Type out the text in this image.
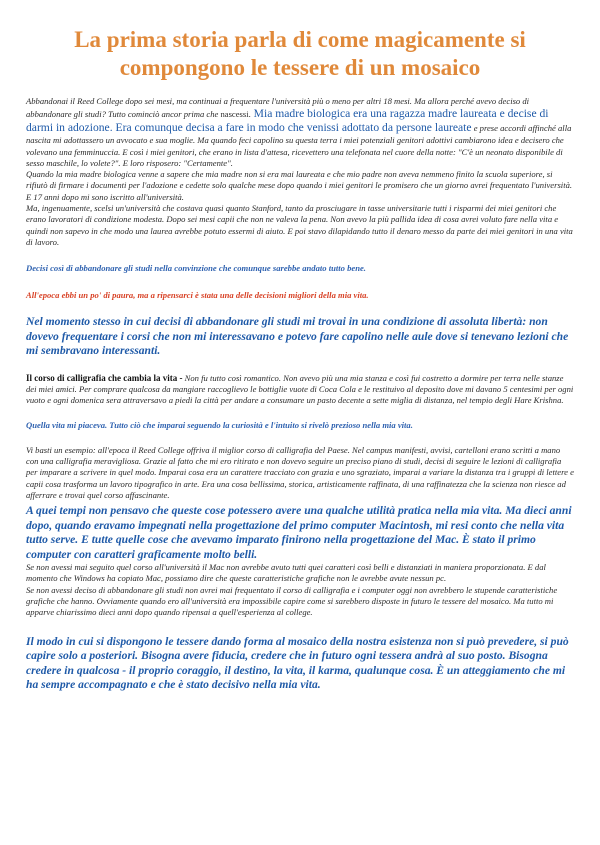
La prima storia parla di come magicamente si compongono le tessere di un mosaico

Abbandonai il Reed College dopo sei mesi, ma continuai a frequentare l'università più o meno per altri 18 mesi. Ma allora perché avevo deciso di abbandonare gli studi? Tutto cominciò ancor prima che nascessi. Mia madre biologica era una ragazza madre laureata e decise di darmi in adozione. Era comunque decisa a fare in modo che venissi adottato da persone laureate e prese accordi affinché alla nascita mi adottassero un avvocato e sua moglie. Ma quando feci capolino su questa terra i miei potenziali genitori adottivi cambiarono idea e decisero che volevano una femminuccia. E così i miei genitori, che erano in lista d'attesa, ricevettero una telefonata nel cuore della notte: "C'è un neonato disponibile di sesso maschile, lo volete?". E loro risposero: "Certamente".

Quando la mia madre biologica venne a sapere che mia madre non si era mai laureata e che mio padre non aveva nemmeno finito la scuola superiore, si rifiutò di firmare i documenti per l'adozione e cedette solo qualche mese dopo quando i miei genitori le promisero che un giorno avrei frequentato l'università. E 17 anni dopo mi sono iscritto all'università.

Ma, ingenuamente, scelsi un'università che costava quasi quanto Stanford, tanto da prosciugare in tasse universitarie tutti i risparmi dei miei genitori che erano lavoratori di condizione modesta. Dopo sei mesi capii che non ne valeva la pena. Non avevo la più pallida idea di cosa avrei voluto fare nella vita e quindi non sapevo in che modo una laurea avrebbe potuto essermi di aiuto. E poi stavo dilapidando tutto il denaro messo da parte dei miei genitori in una vita di lavoro.

Decisi così di abbandonare gli studi nella convinzione che comunque sarebbe andato tutto bene.

All'epoca ebbi un po' di paura, ma a ripensarci è stata una delle decisioni migliori della mia vita.

Nel momento stesso in cui decisi di abbandonare gli studi mi trovai in una condizione di assoluta libertà: non dovevo frequentare i corsi che non mi interessavano e potevo fare capolino nelle aule dove si tenevano lezioni che mi sembravano interessanti.

Il corso di calligrafia che cambia la vita - Non fu tutto così romantico. Non avevo più una mia stanza e così fui costretto a dormire per terra nelle stanze dei miei amici. Per comprare qualcosa da mangiare raccoglievo le bottiglie vuote di Coca Cola e le restituivo al deposito dove mi davano 5 centesimi per ogni vuoto e ogni domenica sera attraversavo a piedi la città per andare a consumare un pasto decente a sette miglia di distanza, nel tempio degli Hare Krishna.

Quella vita mi piaceva. Tutto ciò che imparai seguendo la curiosità e l'intuito si rivelò prezioso nella mia vita.

Vi basti un esempio: all'epoca il Reed College offriva il miglior corso di calligrafia del Paese. Nel campus manifesti, avvisi, cartelloni erano scritti a mano con una calligrafia meravigliosa. Grazie al fatto che mi ero ritirato e non dovevo seguire un preciso piano di studi, decisi di seguire le lezioni di calligrafia per imparare a scrivere in quel modo. Imparai cosa era un carattere tracciato con grazia e uno sgraziato, imparai a variare la distanza tra i gruppi di lettere e capii cosa trasforma un lavoro tipografico in arte. Era una cosa bellissima, storica, artisticamente raffinata, di una raffinatezza che la scienza non riesce ad afferrare e trovai quel corso affascinante.

A quei tempi non pensavo che queste cose potessero avere una qualche utilità pratica nella mia vita. Ma dieci anni dopo, quando eravamo impegnati nella progettazione del primo computer Macintosh, mi resi conto che nella vita tutto serve. E tutte quelle cose che avevamo imparato finirono nella progettazione del Mac. È stato il primo computer con caratteri graficamente molto belli.

Se non avessi mai seguito quel corso all'università il Mac non avrebbe avuto tutti quei caratteri così belli e distanziati in maniera proporzionata. E dal momento che Windows ha copiato Mac, possiamo dire che queste caratteristiche grafiche non le avrebbe avute nessun pc.

Se non avessi deciso di abbandonare gli studi non avrei mai frequentato il corso di calligrafia e i computer oggi non avrebbero le stupende caratteristiche grafiche che hanno. Ovviamente quando ero all'università era impossibile capire come si sarebbero disposte in futuro le tessere del mosaico. Ma tutto mi apparve chiarissimo dieci anni dopo quando ripensai a quell'esperienza al college.

Il modo in cui si dispongono le tessere dando forma al mosaico della nostra esistenza non si può prevedere, si può capire solo a posteriori. Bisogna avere fiducia, credere che in futuro ogni tessera andrà al suo posto. Bisogna credere in qualcosa - il proprio coraggio, il destino, la vita, il karma, qualunque cosa. È un atteggiamento che mi ha sempre accompagnato e che è stato decisivo nella mia vita.
